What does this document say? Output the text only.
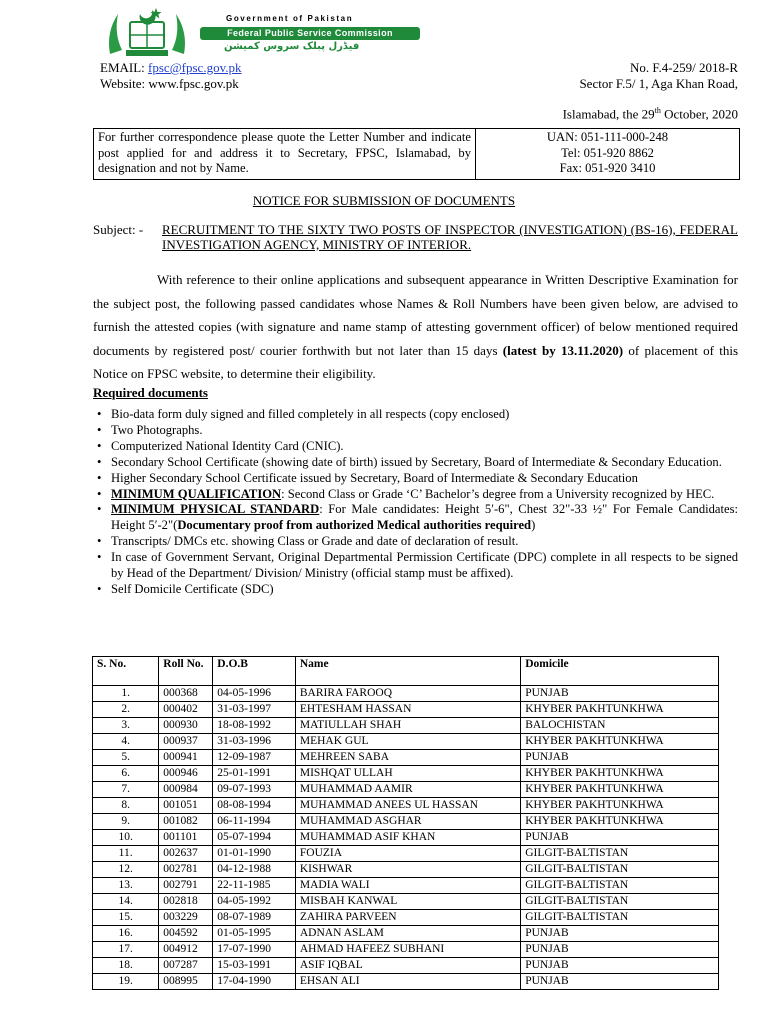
Government of Pakistan
Federal Public Service Commission
فیڈرل پبلک سروس کمیشن
EMAIL: fpsc@fpsc.gov.pk
Website: www.fpsc.gov.pk
No. F.4-259/ 2018-R
Sector F.5/ 1, Aga Khan Road,
Islamabad, the 29th October, 2020
For further correspondence please quote the Letter Number and indicate post applied for and address it to Secretary, FPSC, Islamabad, by designation and not by Name.
UAN: 051-111-000-248
Tel: 051-920 8862
Fax: 051-920 3410
NOTICE FOR SUBMISSION OF DOCUMENTS
Subject: - RECRUITMENT TO THE SIXTY TWO POSTS OF INSPECTOR (INVESTIGATION) (BS-16), FEDERAL INVESTIGATION AGENCY, MINISTRY OF INTERIOR.
With reference to their online applications and subsequent appearance in Written Descriptive Examination for the subject post, the following passed candidates whose Names & Roll Numbers have been given below, are advised to furnish the attested copies (with signature and name stamp of attesting government officer) of below mentioned required documents by registered post/ courier forthwith but not later than 15 days (latest by 13.11.2020) of placement of this Notice on FPSC website, to determine their eligibility.
Required documents
• Bio-data form duly signed and filled completely in all respects (copy enclosed)
• Two Photographs.
• Computerized National Identity Card (CNIC).
• Secondary School Certificate (showing date of birth) issued by Secretary, Board of Intermediate & Secondary Education.
• Higher Secondary School Certificate issued by Secretary, Board of Intermediate & Secondary Education
• MINIMUM QUALIFICATION: Second Class or Grade ‘C’ Bachelor’s degree from a University recognized by HEC.
• MINIMUM PHYSICAL STANDARD: For Male candidates: Height 5′-6", Chest 32"-33 ½" For Female Candidates: Height 5′-2"(Documentary proof from authorized Medical authorities required)
• Transcripts/ DMCs etc. showing Class or Grade and date of declaration of result.
• In case of Government Servant, Original Departmental Permission Certificate (DPC) complete in all respects to be signed by Head of the Department/ Division/ Ministry (official stamp must be affixed).
• Self Domicile Certificate (SDC)
S. No.	Roll No.	D.O.B	Name	Domicile
1.	000368	04-05-1996	BARIRA FAROOQ	PUNJAB
2.	000402	31-03-1997	EHTESHAM HASSAN	KHYBER PAKHTUNKHWA
3.	000930	18-08-1992	MATIULLAH SHAH	BALOCHISTAN
4.	000937	31-03-1996	MEHAK GUL	KHYBER PAKHTUNKHWA
5.	000941	12-09-1987	MEHREEN SABA	PUNJAB
6.	000946	25-01-1991	MISHQAT ULLAH	KHYBER PAKHTUNKHWA
7.	000984	09-07-1993	MUHAMMAD AAMIR	KHYBER PAKHTUNKHWA
8.	001051	08-08-1994	MUHAMMAD ANEES UL HASSAN	KHYBER PAKHTUNKHWA
9.	001082	06-11-1994	MUHAMMAD ASGHAR	KHYBER PAKHTUNKHWA
10.	001101	05-07-1994	MUHAMMAD ASIF KHAN	PUNJAB
11.	002637	01-01-1990	FOUZIA	GILGIT-BALTISTAN
12.	002781	04-12-1988	KISHWAR	GILGIT-BALTISTAN
13.	002791	22-11-1985	MADIA WALI	GILGIT-BALTISTAN
14.	002818	04-05-1992	MISBAH KANWAL	GILGIT-BALTISTAN
15.	003229	08-07-1989	ZAHIRA PARVEEN	GILGIT-BALTISTAN
16.	004592	01-05-1995	ADNAN ASLAM	PUNJAB
17.	004912	17-07-1990	AHMAD HAFEEZ SUBHANI	PUNJAB
18.	007287	15-03-1991	ASIF IQBAL	PUNJAB
19.	008995	17-04-1990	EHSAN ALI	PUNJAB
